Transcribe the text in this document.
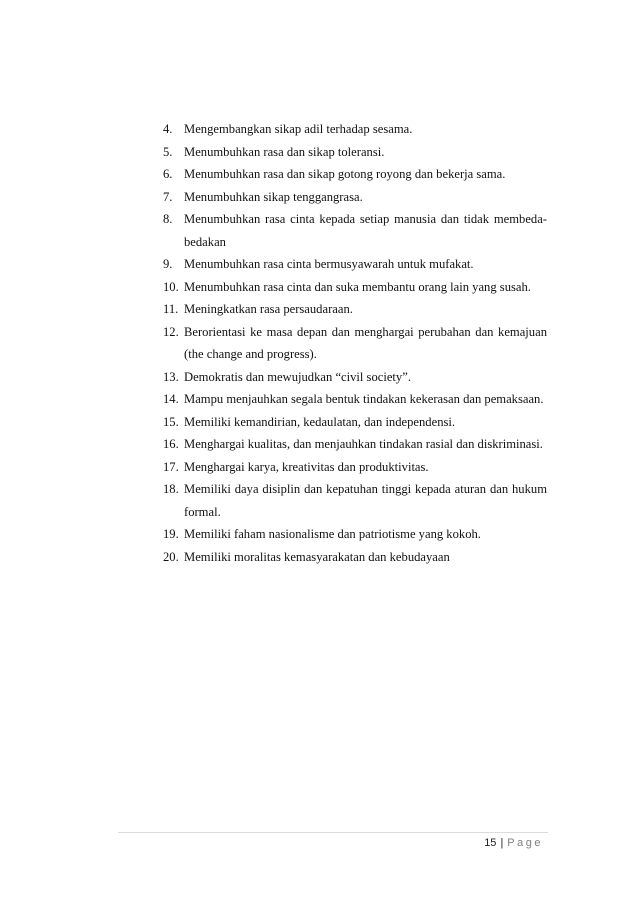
4. Mengembangkan sikap adil terhadap sesama.
5. Menumbuhkan rasa dan sikap toleransi.
6. Menumbuhkan rasa dan sikap gotong royong dan bekerja sama.
7. Menumbuhkan sikap tenggangrasa.
8. Menumbuhkan rasa cinta kepada setiap manusia dan tidak membeda-bedakan
9. Menumbuhkan rasa cinta bermusyawarah untuk mufakat.
10. Menumbuhkan rasa cinta dan suka membantu orang lain yang susah.
11. Meningkatkan rasa persaudaraan.
12. Berorientasi ke masa depan dan menghargai perubahan dan kemajuan (the change and progress).
13. Demokratis dan mewujudkan “civil society”.
14. Mampu menjauhkan segala bentuk tindakan kekerasan dan pemaksaan.
15. Memiliki kemandirian, kedaulatan, dan independensi.
16. Menghargai kualitas, dan menjauhkan tindakan rasial dan diskriminasi.
17. Menghargai karya, kreativitas dan produktivitas.
18. Memiliki daya disiplin dan kepatuhan tinggi kepada aturan dan hukum formal.
19. Memiliki faham nasionalisme dan patriotisme yang kokoh.
20. Memiliki moralitas kemasyarakatan dan kebudayaan
15 | Page
